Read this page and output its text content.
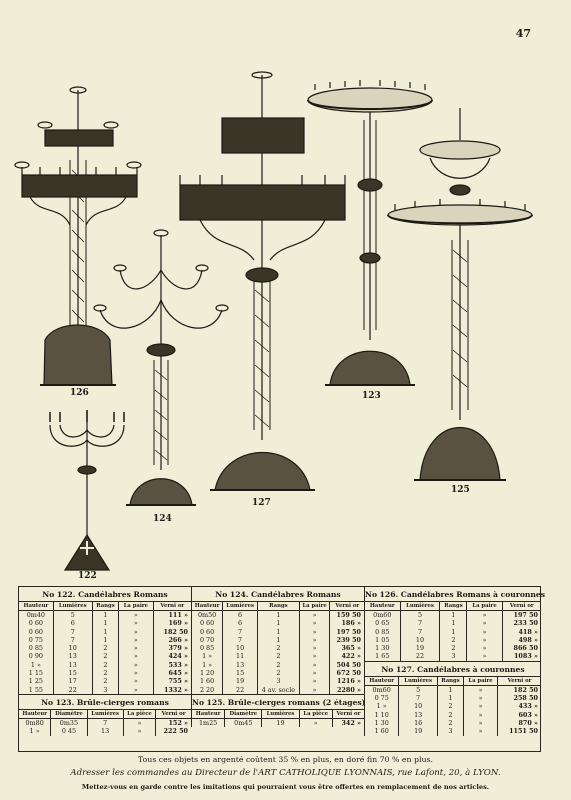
47
126
124
127
123
125
122
No 122. Candélabres Romans
Hauteur	Lumières	Rangs	La paire	Verni or
0m40	5	1	»	111 »
0 60	6	1	»	169 »
0 60	7	1	»	182 50
0 75	7	1	»	266 »
0 85	10	2	»	379 »
0 90	13	2	»	424 »
1 »	13	2	»	533 »
1 15	15	2	»	645 »
1 25	17	2	»	755 »
1 55	22	3	»	1332 »
No 123. Brûle-cierges romans
Hauteur	Diamètre	Lumières	La pièce	Verni or
0m80	0m35	7	»	152 »
1 »	0 45	13	»	222 50
No 124. Candélabres Romans
Hauteur	Lumières	Rangs	La paire	Verni or
0m50	6	1	»	159 50
0 60	6	1	»	186 »
0 60	7	1	»	197 50
0 70	7	1	»	239 50
0 85	10	2	»	365 »
1 »	11	2	»	422 »
1 »	13	2	»	504 50
1 20	15	2	»	672 50
1 60	19	3	»	1216 »
2 20	22	4 av. socle	»	2280 »
No 125. Brûle-cierges romans (2 étages)
Hauteur	Diamètre	Lumières	La pièce	Verni or
1m25	0m45	19	»	342 »
No 126. Candélabres Romans à couronnes
Hauteur	Lumières	Rangs	La paire	Verni or
0m60	5	1	»	197 50
0 65	7	1	»	233 50
0 85	7	1	»	418 »
1 05	10	2	»	498 »
1 30	19	2	»	866 50
1 65	22	3	»	1083 »
No 127. Candélabres à couronnes
Hauteur	Lumières	Rangs	La paire	Verni or
0m60	5	1	»	182 50
0 75	7	1	»	258 50
1 »	10	2	»	433 »
1 10	13	2	»	603 »
1 30	16	2	»	870 »
1 60	19	3	»	1151 50
Tous ces objets en argenté coûtent 35 % en plus, en doré fin 70 % en plus.
Adresser les commandes au Directeur de l'ART CATHOLIQUE LYONNAIS, rue Lafont, 20, à LYON.
Mettez-vous en garde contre les imitations qui pourraient vous être offertes en remplacement de nos articles.
